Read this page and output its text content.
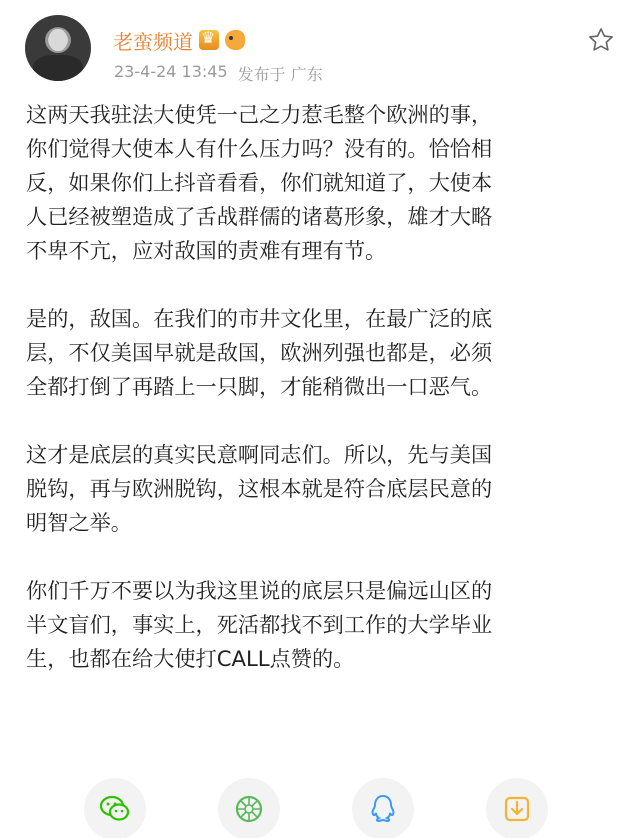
老蛮频道
♛
23-4-24 13:45 发布于 广东
这两天我驻法大使凭一己之力惹毛整个欧洲的事，
你们觉得大使本人有什么压力吗？没有的。恰恰相
反，如果你们上抖音看看，你们就知道了，大使本
人已经被塑造成了舌战群儒的诸葛形象，雄才大略
不卑不亢，应对敌国的责难有理有节。
是的，敌国。在我们的市井文化里，在最广泛的底
层，不仅美国早就是敌国，欧洲列强也都是，必须
全都打倒了再踏上一只脚，才能稍微出一口恶气。
这才是底层的真实民意啊同志们。所以，先与美国
脱钩，再与欧洲脱钩，这根本就是符合底层民意的
明智之举。
你们千万不要以为我这里说的底层只是偏远山区的
半文盲们，事实上，死活都找不到工作的大学毕业
生，也都在给大使打CALL点赞的。
